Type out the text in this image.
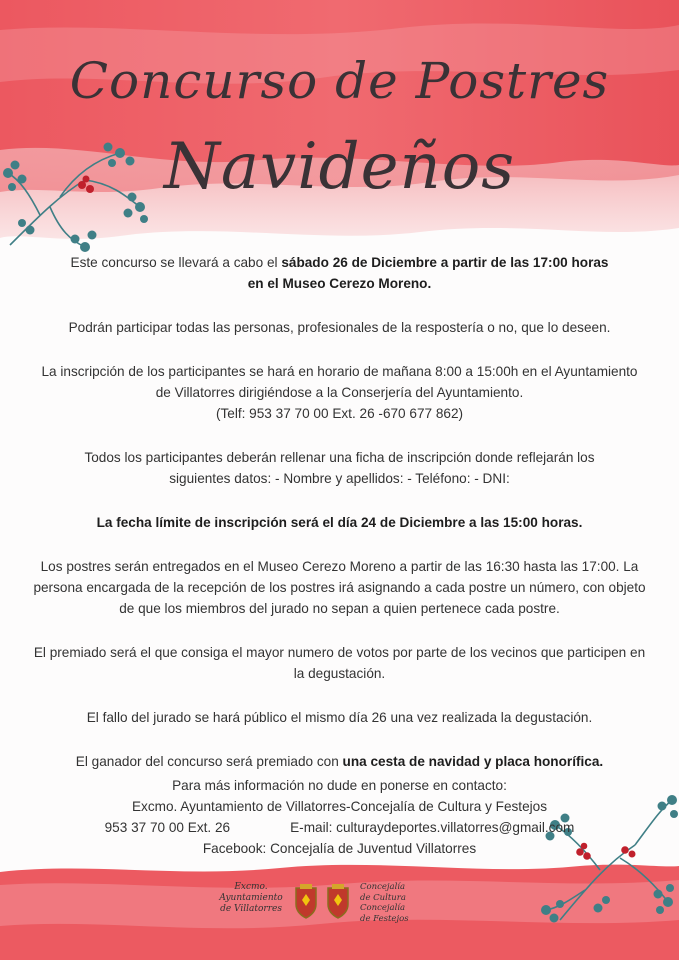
Concurso de Postres
Navideños

Este concurso se llevará a cabo el sábado 26 de Diciembre a partir de las 17:00 horas
en el Museo Cerezo Moreno.

Podrán participar todas las personas, profesionales de la respostería o no, que lo deseen.

La inscripción de los participantes se hará en horario de mañana 8:00 a 15:00h en el Ayuntamiento
de Villatorres dirigiéndose a la Conserjería del Ayuntamiento.
(Telf: 953 37 70 00 Ext. 26 -670 677 862)

Todos los participantes deberán rellenar una ficha de inscripción donde reflejarán los
siguientes datos: - Nombre y apellidos: - Teléfono: - DNI:

La fecha límite de inscripción será el día 24 de Diciembre a las 15:00 horas.

Los postres serán entregados en el Museo Cerezo Moreno a partir de las 16:30 hasta las 17:00. La
persona encargada de la recepción de los postres irá asignando a cada postre un número, con objeto
de que los miembros del jurado no sepan a quien pertenece cada postre.

El premiado será el que consiga el mayor numero de votos por parte de los vecinos que participen en
la degustación.

El fallo del jurado se hará público el mismo día 26 una vez realizada la degustación.

El ganador del concurso será premiado con una cesta de navidad y placa honorífica.

Para más información no dude en ponerse en contacto:
Excmo. Ayuntamiento de Villatorres-Concejalía de Cultura y Festejos
953 37 70 00 Ext. 26	E-mail: culturaydeportes.villatorres@gmail.com
Facebook: Concejalía de Juventud Villatorres
Excmo.
Ayuntamiento
de Villatorres
Concejalía
de Cultura
Concejalía
de Festejos
